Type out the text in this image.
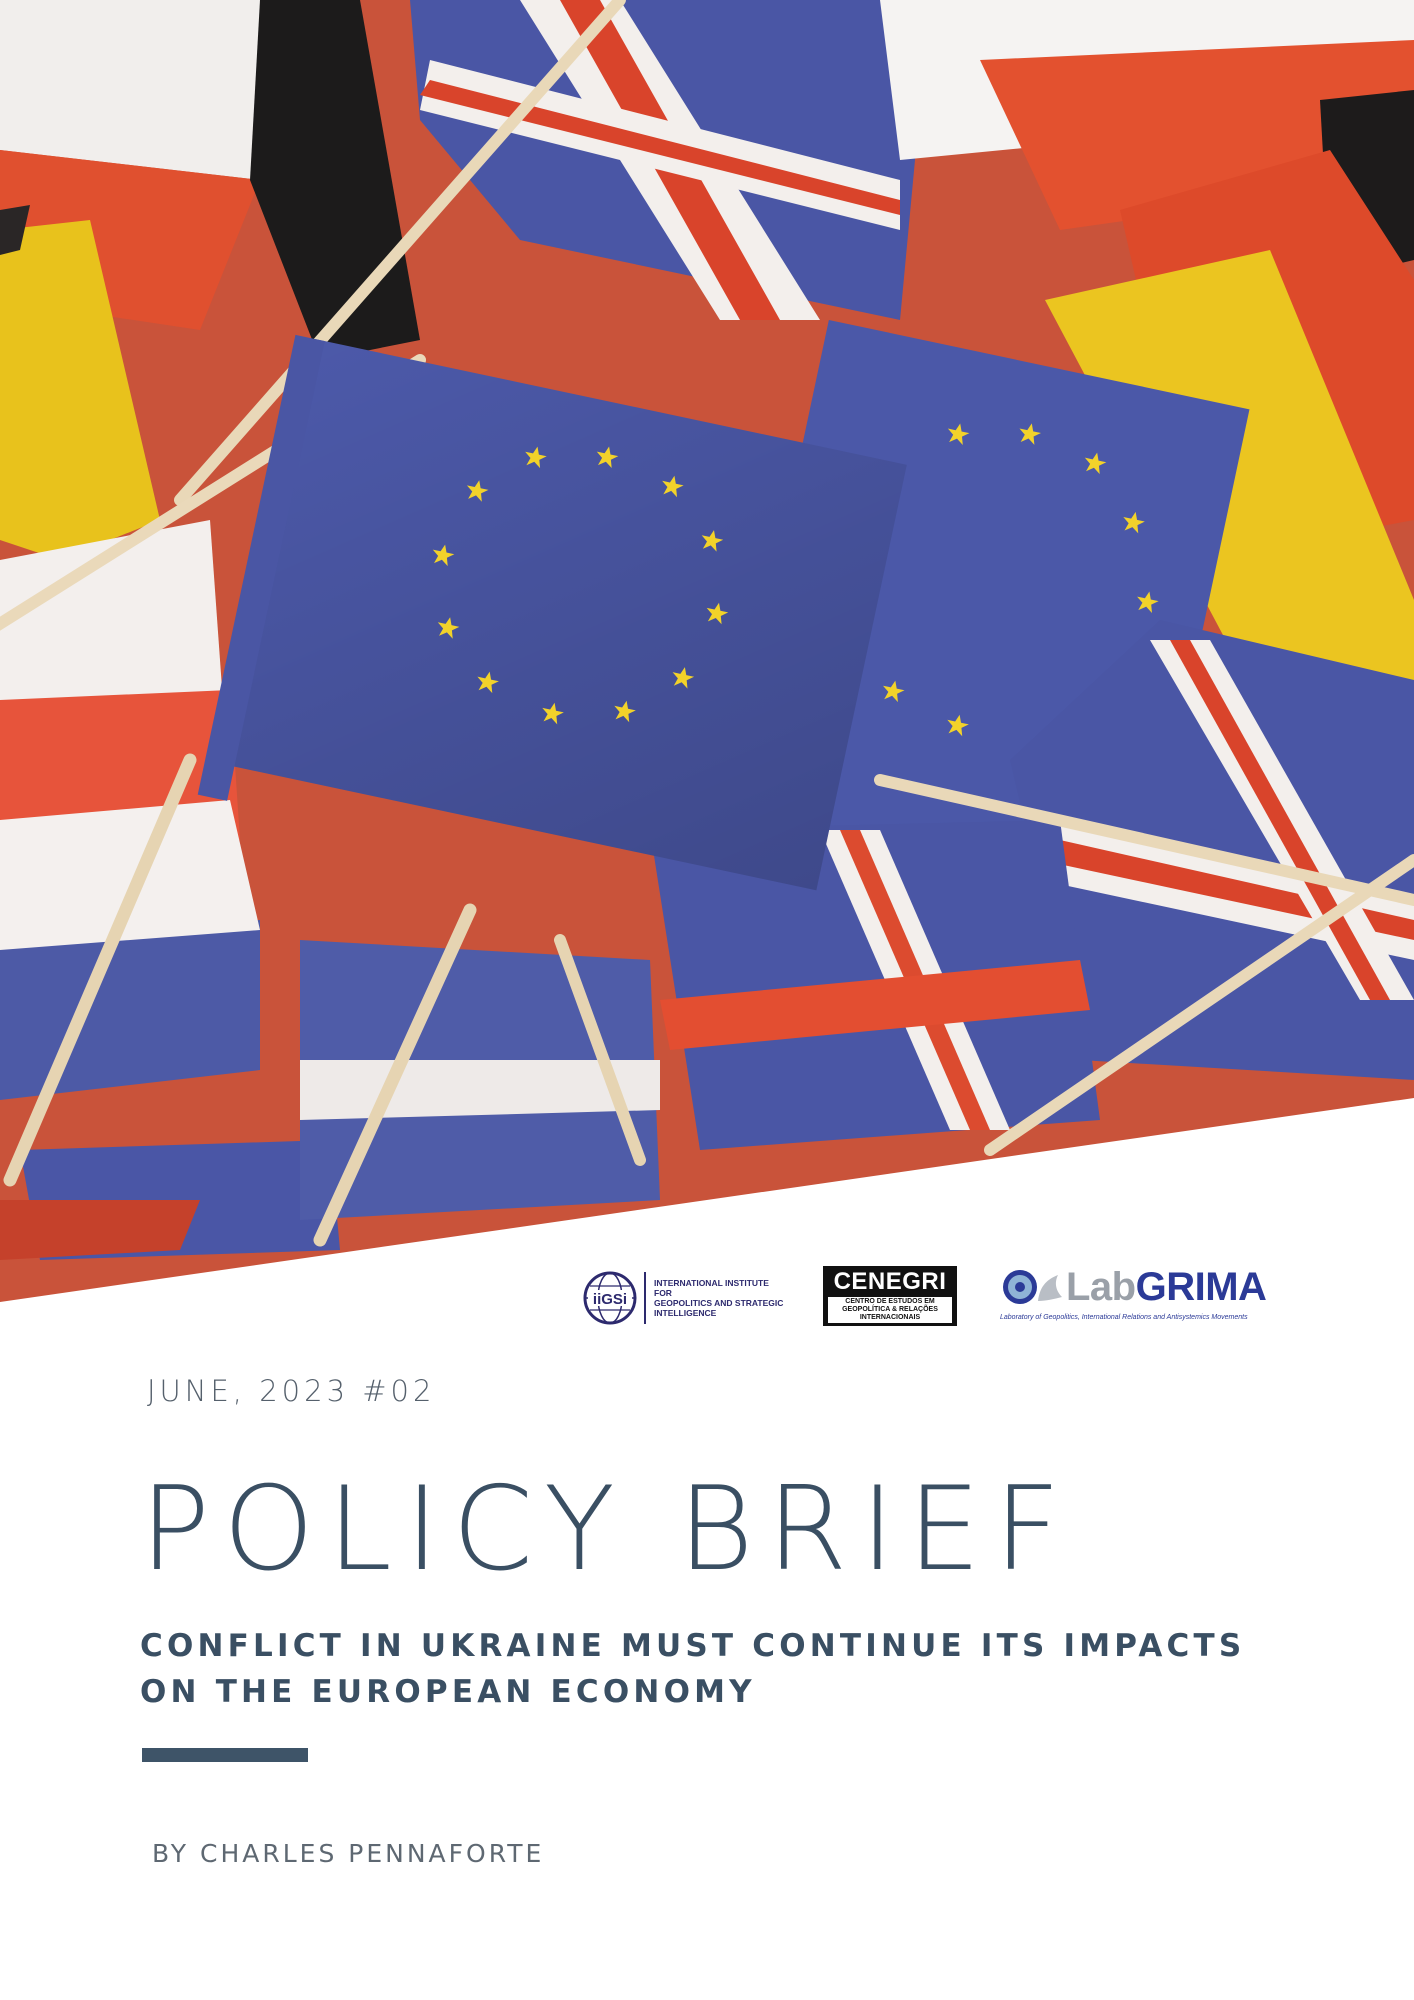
iiGSi
INTERNATIONAL INSTITUTE FOR
GEOPOLITICS AND STRATEGIC
INTELLIGENCE
CENEGRI
CENTRO DE ESTUDOS EM
GEOPOLÍTICA & RELAÇÕES
INTERNACIONAIS
LabGRIMA
Laboratory of Geopolitics, International Relations and Antisystemics Movements
JUNE, 2023 #02
POLICY BRIEF
CONFLICT IN UKRAINE MUST CONTINUE ITS IMPACTS ON THE EUROPEAN ECONOMY
BY CHARLES PENNAFORTE
